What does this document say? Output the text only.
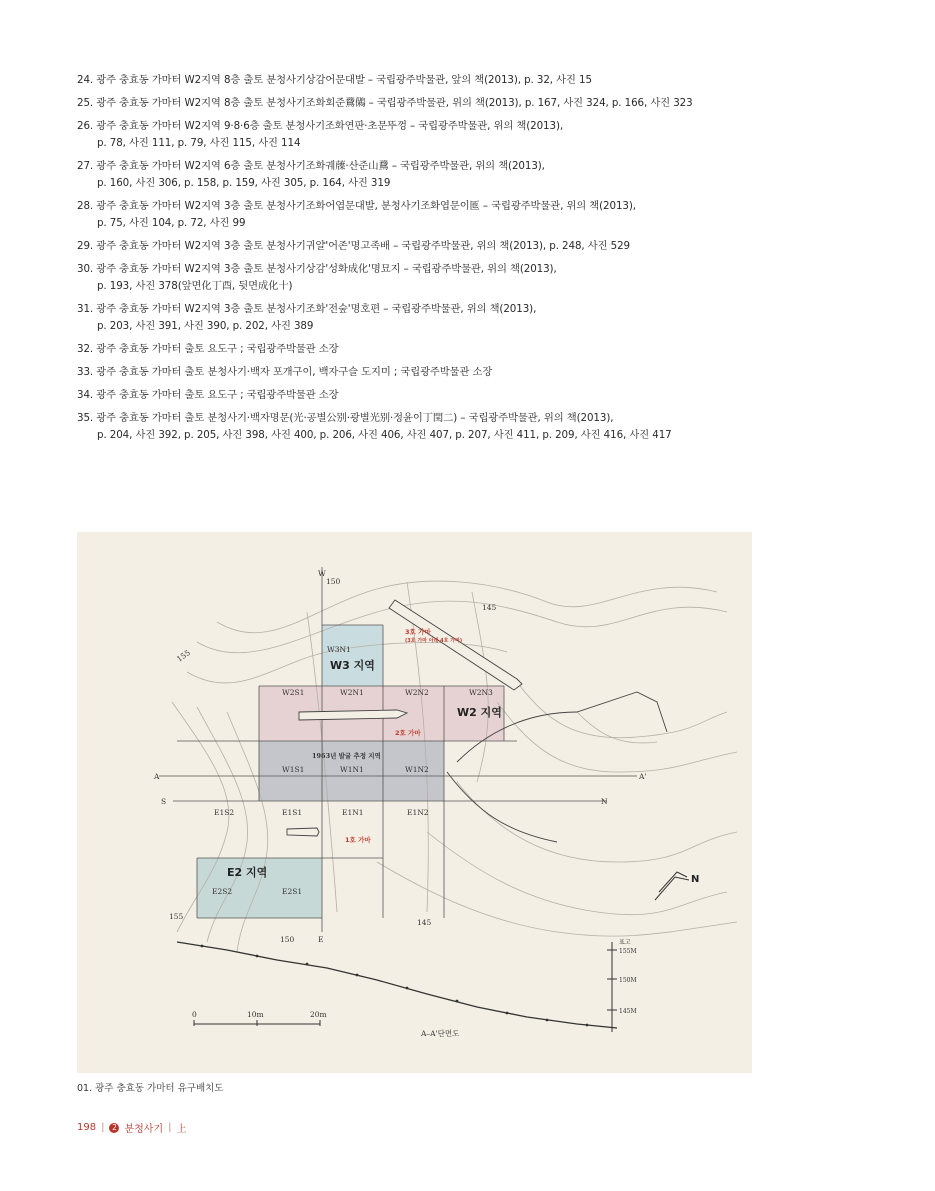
24. 광주 충효동 가마터 W2지역 8층 출토 분청사기상감어문대발 – 국립광주박물관, 앞의 책(2013), p. 32, 사진 15
25. 광주 충효동 가마터 W2지역 8층 출토 분청사기조화회준䳱䳰 – 국립광주박물관, 위의 책(2013), p. 167, 사진 324, p. 166, 사진 323
26. 광주 충효동 가마터 W2지역 9·8·6층 출토 분청사기조화연판·초문뚜껑 – 국립광주박물관, 위의 책(2013),
p. 78, 사진 111, p. 79, 사진 115, 사진 114
27. 광주 충효동 가마터 W2지역 6층 출토 분청사기조화궤䕈·산준山䳱 – 국립광주박물관, 위의 책(2013),
p. 160, 사진 306, p. 158, p. 159, 사진 305, p. 164, 사진 319
28. 광주 충효동 가마터 W2지역 3층 출토 분청사기조화어엽문대발, 분청사기조화엽문이匜 – 국립광주박물관, 위의 책(2013),
p. 75, 사진 104, p. 72, 사진 99
29. 광주 충효동 가마터 W2지역 3층 출토 분청사기귀얄'어존'명고족배 – 국립광주박물관, 위의 책(2013), p. 248, 사진 529
30. 광주 충효동 가마터 W2지역 3층 출토 분청사기상감'성화成化'명묘지 – 국립광주박물관, 위의 책(2013),
p. 193, 사진 378(앞면化丁酉, 뒷면成化十)
31. 광주 충효동 가마터 W2지역 3층 출토 분청사기조화'전숲'명호편 – 국립광주박물관, 위의 책(2013),
p. 203, 사진 391, 사진 390, p. 202, 사진 389
32. 광주 충효동 가마터 출토 요도구 ; 국립광주박물관 소장
33. 광주 충효동 가마터 출토 분청사기·백자 포개구이, 백자구슬 도지미 ; 국립광주박물관 소장
34. 광주 충효동 가마터 출토 요도구 ; 국립광주박물관 소장
35. 광주 충효동 가마터 출토 분청사기·백자명문(光·공별公别·광별光别·정윤이丁閏二) – 국립광주박물관, 위의 책(2013),
p. 204, 사진 392, p. 205, 사진 398, 사진 400, p. 206, 사진 406, 사진 407, p. 207, 사진 411, p. 209, 사진 416, 사진 417
W3N1
W2S1	W2N1	W2N2	W2N3
W1S1	W1N1	W1N2
E1S2	E1S1	E1N1	E1N2
E2S2	E2S1
W3 지역
W2 지역
E2 지역
1963년 발굴 추정 지역
3호 가마
(3호 가마 아래 4호 가마)
2호 가마
1호 가마
W
E
S	N
A	A'
150
145
155
155
150
145
N
0	10m	20m
A–A'단면도
표고
155M
150M
145M
01. 광주 충효동 가마터 유구배치도
198 |	2 분청사기 | 上
